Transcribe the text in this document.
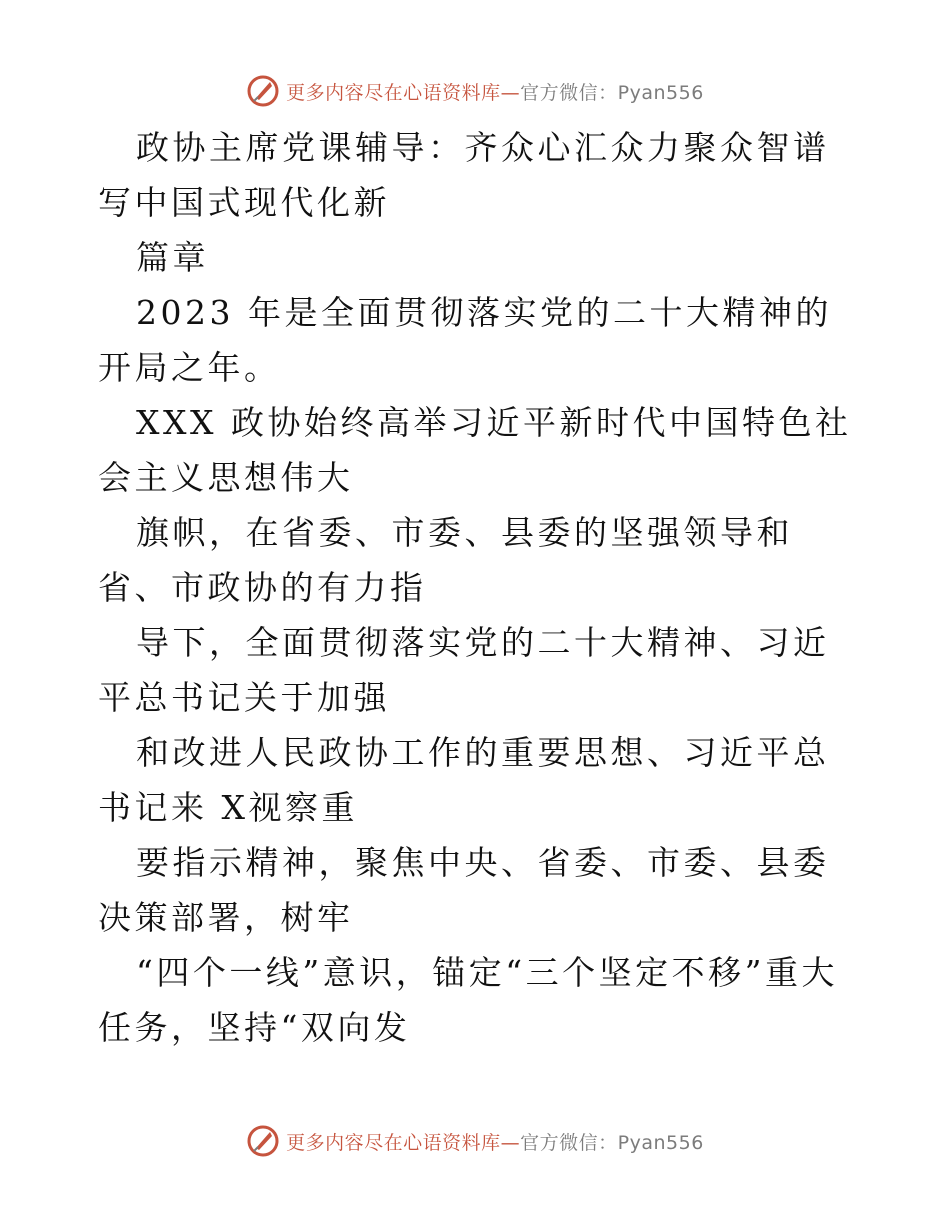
更多内容尽在心语资料库—官方微信：Pyan556

政协主席党课辅导：齐众心汇众力聚众智谱写中国式现代化新

篇章

2023 年是全面贯彻落实党的二十大精神的开局之年。

XXX 政协始终高举习近平新时代中国特色社会主义思想伟大

旗帜，在省委、市委、县委的坚强领导和省、市政协的有力指

导下，全面贯彻落实党的二十大精神、习近平总书记关于加强

和改进人民政协工作的重要思想、习近平总书记来 X视察重

要指示精神，聚焦中央、省委、市委、县委决策部署，树牢

“四个一线”意识，锚定“三个坚定不移”重大任务，坚持“双向发

更多内容尽在心语资料库—官方微信：Pyan556
